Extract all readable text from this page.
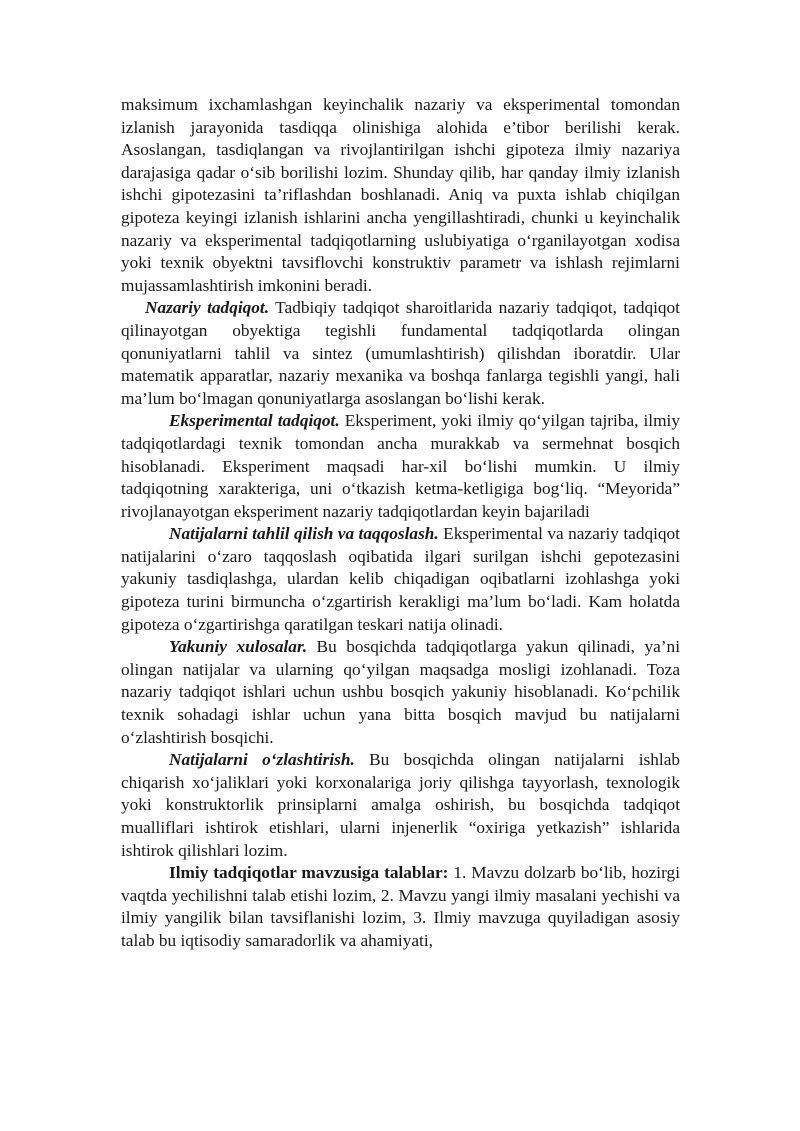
maksimum ixchamlashgan keyinchalik nazariy va eksperimental tomondan izlanish jarayonida tasdiqqa olinishiga alohida e’tibor berilishi kerak. Asoslangan, tasdiqlangan va rivojlantirilgan ishchi gipoteza ilmiy nazariya darajasiga qadar o‘sib borilishi lozim. Shunday qilib, har qanday ilmiy izlanish ishchi gipotezasini ta’riflashdan boshlanadi. Aniq va puxta ishlab chiqilgan gipoteza keyingi izlanish ishlarini ancha yengillashtiradi, chunki u keyinchalik nazariy va eksperimental tadqiqotlarning uslubiyatiga o‘rganilayotgan xodisa yoki texnik obyektni tavsiflovchi konstruktiv parametr va ishlash rejimlarni mujassamlashtirish imkonini beradi.

Nazariy tadqiqot. Tadbiqiy tadqiqot sharoitlarida nazariy tadqiqot, tadqiqot qilinayotgan obyektiga tegishli fundamental tadqiqotlarda olingan qonuniyatlarni tahlil va sintez (umumlashtirish) qilishdan iboratdir. Ular matematik apparatlar, nazariy mexanika va boshqa fanlarga tegishli yangi, hali ma’lum bo‘lmagan qonuniyatlarga asoslangan bo‘lishi kerak.

Eksperimental tadqiqot. Eksperiment, yoki ilmiy qo‘yilgan tajriba, ilmiy tadqiqotlardagi texnik tomondan ancha murakkab va sermehnat bosqich hisoblanadi. Eksperiment maqsadi har-xil bo‘lishi mumkin. U ilmiy tadqiqotning xarakteriga, uni o‘tkazish ketma-ketligiga bog‘liq. “Meyorida” rivojlanayotgan eksperiment nazariy tadqiqotlardan keyin bajariladi

Natijalarni tahlil qilish va taqqoslash. Eksperimental va nazariy tadqiqot natijalarini o‘zaro taqqoslash oqibatida ilgari surilgan ishchi gepotezasini yakuniy tasdiqlashga, ulardan kelib chiqadigan oqibatlarni izohlashga yoki gipoteza turini birmuncha o‘zgartirish kerakligi ma’lum bo‘ladi. Kam holatda gipoteza o‘zgartirishga qaratilgan teskari natija olinadi.

Yakuniy xulosalar. Bu bosqichda tadqiqotlarga yakun qilinadi, ya’ni olingan natijalar va ularning qo‘yilgan maqsadga mosligi izohlanadi. Toza nazariy tadqiqot ishlari uchun ushbu bosqich yakuniy hisoblanadi. Ko‘pchilik texnik sohadagi ishlar uchun yana bitta bosqich mavjud bu natijalarni o‘zlashtirish bosqichi.

Natijalarni o‘zlashtirish. Bu bosqichda olingan natijalarni ishlab chiqarish xo‘jaliklari yoki korxonalariga joriy qilishga tayyorlash, texnologik yoki konstruktorlik prinsiplarni amalga oshirish, bu bosqichda tadqiqot mualliflari ishtirok etishlari, ularni injenerlik “oxiriga yetkazish” ishlarida ishtirok qilishlari lozim.

Ilmiy tadqiqotlar mavzusiga talablar: 1. Mavzu dolzarb bo‘lib, hozirgi vaqtda yechilishni talab etishi lozim, 2. Mavzu yangi ilmiy masalani yechishi va ilmiy yangilik bilan tavsiflanishi lozim, 3. Ilmiy mavzuga quyiladigan asosiy talab bu iqtisodiy samaradorlik va ahamiyati,
